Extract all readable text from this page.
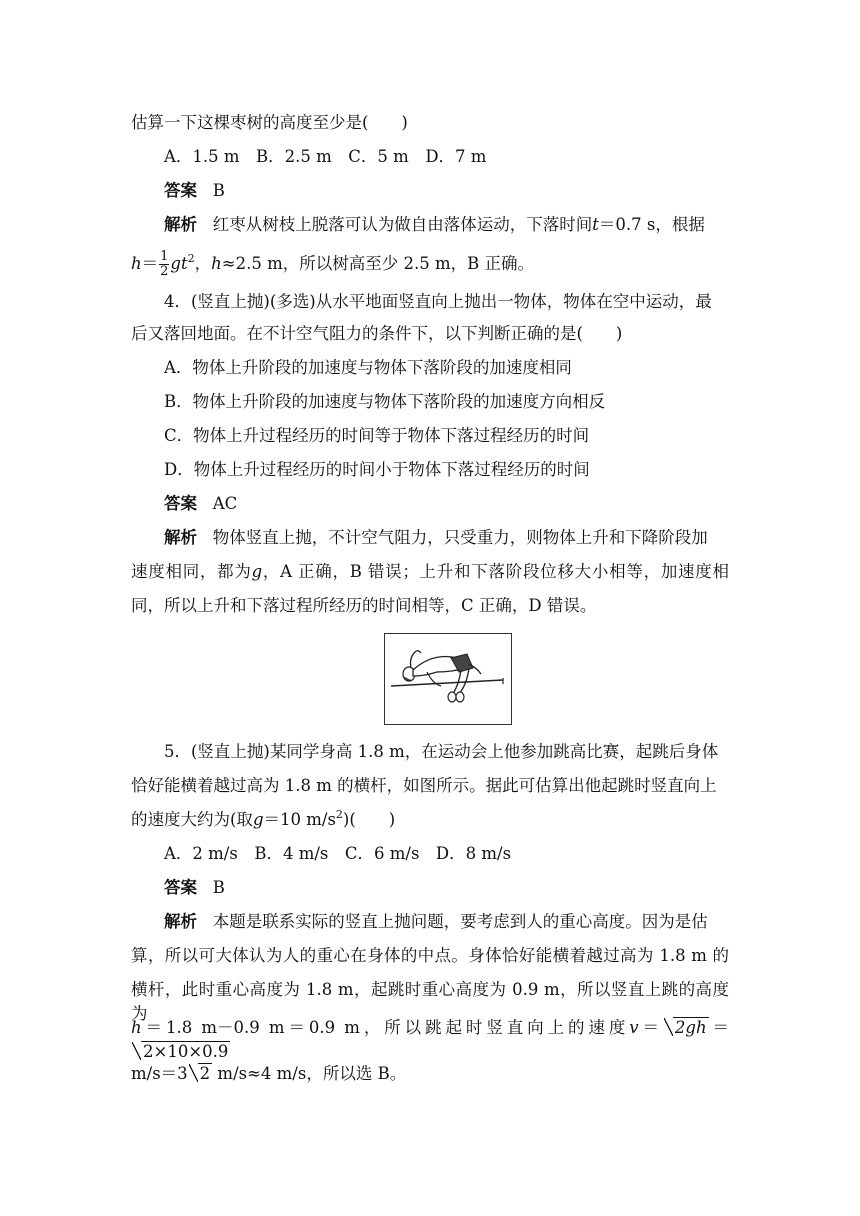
估算一下这棵枣树的高度至少是(　　)
A．1.5 m　B．2.5 m　C．5 m　D．7 m
答案 B
解析 红枣从树枝上脱落可认为做自由落体运动，下落时间t＝0.7 s，根据
$h= \frac{1}{2} gt^2$，h≈2.5 m，所以树高至少 2.5 m，B 正确。
4．(竖直上抛)(多选)从水平地面竖直向上抛出一物体，物体在空中运动，最
后又落回地面。在不计空气阻力的条件下，以下判断正确的是(　　)
A．物体上升阶段的加速度与物体下落阶段的加速度相同
B．物体上升阶段的加速度与物体下落阶段的加速度方向相反
C．物体上升过程经历的时间等于物体下落过程经历的时间
D．物体上升过程经历的时间小于物体下落过程经历的时间
答案 AC
解析 物体竖直上抛，不计空气阻力，只受重力，则物体上升和下降阶段加
速度相同，都为g，A 正确，B 错误；上升和下落阶段位移大小相等，加速度相
同，所以上升和下落过程所经历的时间相等，C 正确，D 错误。
5．(竖直上抛)某同学身高 1.8 m，在运动会上他参加跳高比赛，起跳后身体
恰好能横着越过高为 1.8 m 的横杆，如图所示。据此可估算出他起跳时竖直向上
的速度大约为(取g＝10 $m/s^2$)(　　)
A．2 m/s　B．4 m/s　C．6 m/s　D．8 m/s
答案 B
解析 本题是联系实际的竖直上抛问题，要考虑到人的重心高度。因为是估
算，所以可大体认为人的重心在身体的中点。身体恰好能横着越过高为 1.8 m 的
横杆，此时重心高度为 1.8 m，起跳时重心高度为 0.9 m，所以竖直上跳的高度为
h＝1.8 m－0.9 m＝0.9 m，所以跳起时竖直向上的速度v＝ 2gh ＝2×10×0.9
m/s＝3 2 m/s≈4 m/s，所以选 B。
